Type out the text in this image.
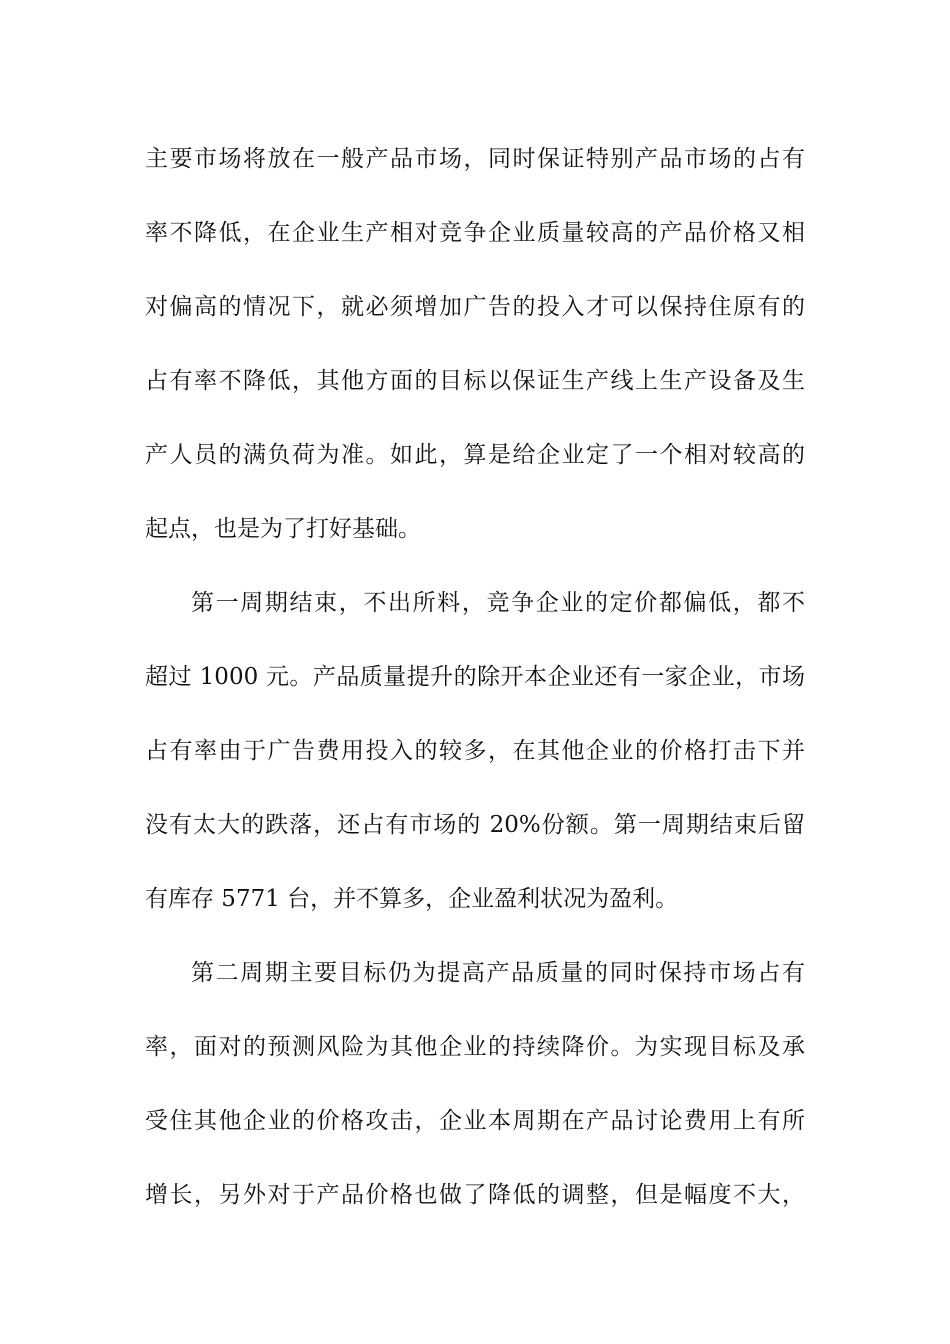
主要市场将放在一般产品市场，同时保证特别产品市场的占有
率不降低，在企业生产相对竞争企业质量较高的产品价格又相
对偏高的情况下，就必须增加广告的投入才可以保持住原有的
占有率不降低，其他方面的目标以保证生产线上生产设备及生
产人员的满负荷为准。如此，算是给企业定了一个相对较高的
起点，也是为了打好基础。
第一周期结束，不出所料，竞争企业的定价都偏低，都不
超过 1000 元。产品质量提升的除开本企业还有一家企业，市场
占有率由于广告费用投入的较多，在其他企业的价格打击下并
没有太大的跌落，还占有市场的 20%份额。第一周期结束后留
有库存 5771 台，并不算多，企业盈利状况为盈利。
第二周期主要目标仍为提高产品质量的同时保持市场占有
率，面对的预测风险为其他企业的持续降价。为实现目标及承
受住其他企业的价格攻击，企业本周期在产品讨论费用上有所
增长，另外对于产品价格也做了降低的调整，但是幅度不大，
